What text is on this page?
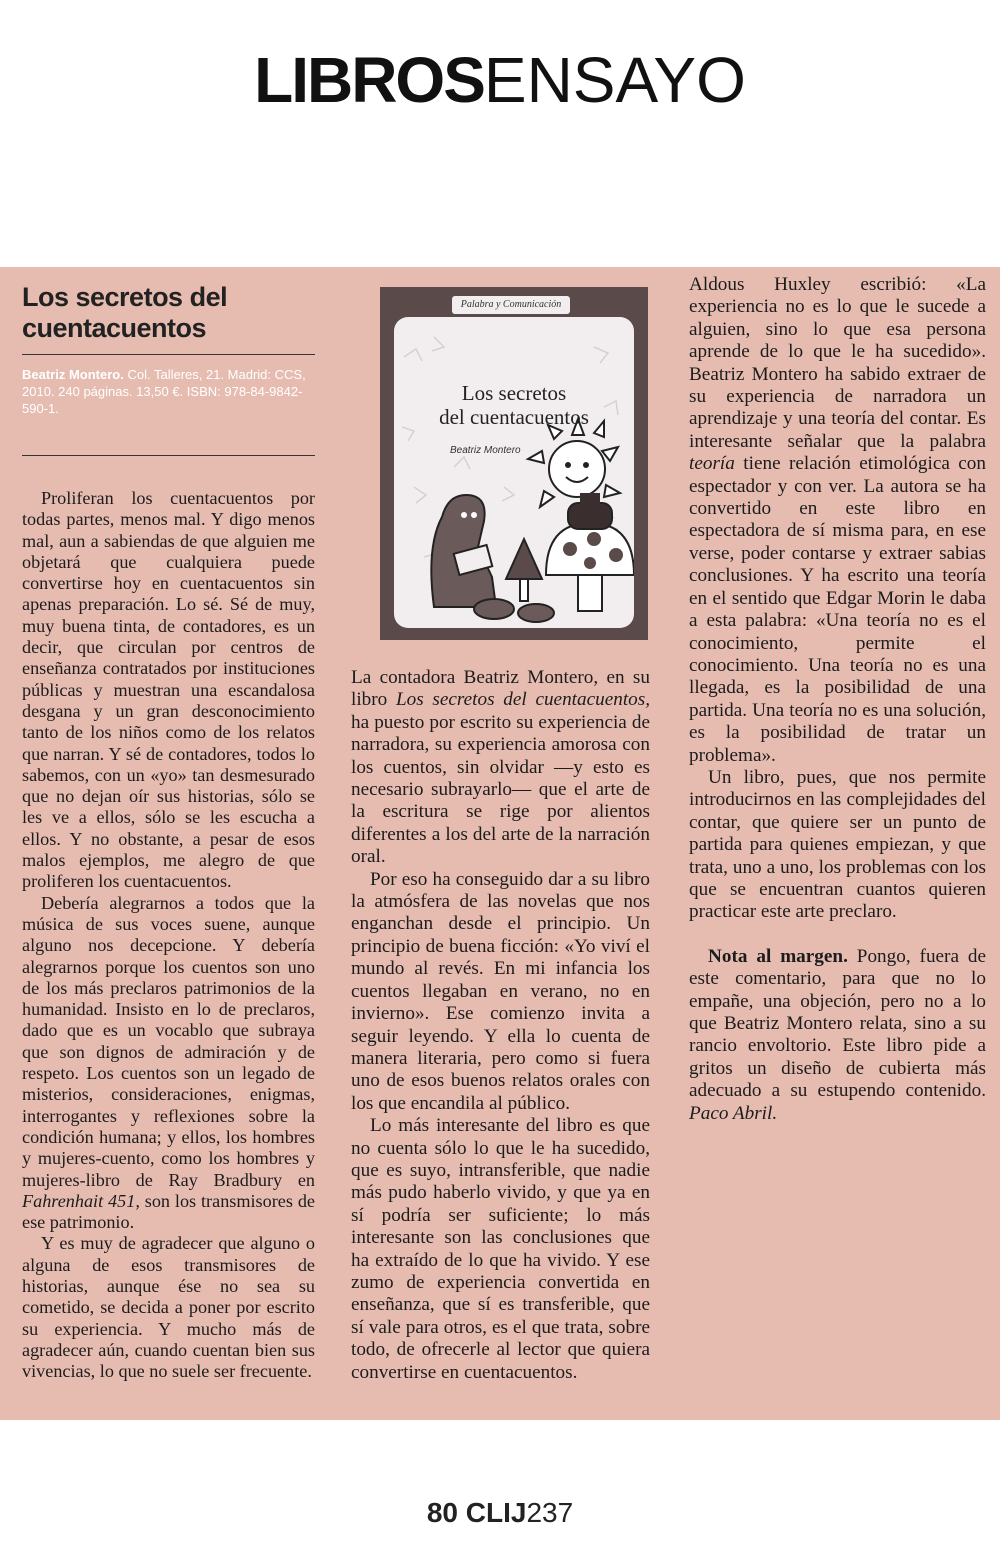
LIBROSENSAYO
Los secretos del cuentacuentos
Beatriz Montero. Col. Talleres, 21. Madrid: CCS, 2010. 240 páginas. 13,50 €. ISBN: 978-84-9842-590-1.
Los secretos
del cuentacuentos
Beatriz Montero
Palabra y Comunicación

Proliferan los cuentacuentos por todas partes, menos mal. Y digo menos mal, aun a sabiendas de que alguien me objetará que cualquiera puede convertirse hoy en cuentacuentos sin apenas preparación. Lo sé. Sé de muy, muy buena tinta, de contadores, es un decir, que circulan por centros de enseñanza contratados por instituciones públicas y muestran una escandalosa desgana y un gran desconocimiento tanto de los niños como de los relatos que narran. Y sé de contadores, todos lo sabemos, con un «yo» tan desmesurado que no dejan oír sus historias, sólo se les ve a ellos, sólo se les escucha a ellos. Y no obstante, a pesar de esos malos ejemplos, me alegro de que proliferen los cuentacuentos.

Debería alegrarnos a todos que la música de sus voces suene, aunque alguno nos decepcione. Y debería alegrarnos porque los cuentos son uno de los más preclaros patrimonios de la humanidad. Insisto en lo de preclaros, dado que es un vocablo que subraya que son dignos de admiración y de respeto. Los cuentos son un legado de misterios, consideraciones, enigmas, interrogantes y reflexiones sobre la condición humana; y ellos, los hombres y mujeres-cuento, como los hombres y mujeres-libro de Ray Bradbury en Fahrenhait 451, son los transmisores de ese patrimonio.

Y es muy de agradecer que alguno o alguna de esos transmisores de historias, aunque ése no sea su cometido, se decida a poner por escrito su experiencia. Y mucho más de agradecer aún, cuando cuentan bien sus vivencias, lo que no suele ser frecuente.

La contadora Beatriz Montero, en su libro Los secretos del cuentacuentos, ha puesto por escrito su experiencia de narradora, su experiencia amorosa con los cuentos, sin olvidar —y esto es necesario subrayarlo— que el arte de la escritura se rige por alientos diferentes a los del arte de la narración oral.

Por eso ha conseguido dar a su libro la atmósfera de las novelas que nos enganchan desde el principio. Un principio de buena ficción: «Yo viví el mundo al revés. En mi infancia los cuentos llegaban en verano, no en invierno». Ese comienzo invita a seguir leyendo. Y ella lo cuenta de manera literaria, pero como si fuera uno de esos buenos relatos orales con los que encandila al público.

Lo más interesante del libro es que no cuenta sólo lo que le ha sucedido, que es suyo, intransferible, que nadie más pudo haberlo vivido, y que ya en sí podría ser suficiente; lo más interesante son las conclusiones que ha extraído de lo que ha vivido. Y ese zumo de experiencia convertida en enseñanza, que sí es transferible, que sí vale para otros, es el que trata, sobre todo, de ofrecerle al lector que quiera convertirse en cuentacuentos.

Aldous Huxley escribió: «La experiencia no es lo que le sucede a alguien, sino lo que esa persona aprende de lo que le ha sucedido». Beatriz Montero ha sabido extraer de su experiencia de narradora un aprendizaje y una teoría del contar. Es interesante señalar que la palabra teoría tiene relación etimológica con espectador y con ver. La autora se ha convertido en este libro en espectadora de sí misma para, en ese verse, poder contarse y extraer sabias conclusiones. Y ha escrito una teoría en el sentido que Edgar Morin le daba a esta palabra: «Una teoría no es el conocimiento, permite el conocimiento. Una teoría no es una llegada, es la posibilidad de una partida. Una teoría no es una solución, es la posibilidad de tratar un problema».

Un libro, pues, que nos permite introducirnos en las complejidades del contar, que quiere ser un punto de partida para quienes empiezan, y que trata, uno a uno, los problemas con los que se encuentran cuantos quieren practicar este arte preclaro.

Nota al margen. Pongo, fuera de este comentario, para que no lo empañe, una objeción, pero no a lo que Beatriz Montero relata, sino a su rancio envoltorio. Este libro pide a gritos un diseño de cubierta más adecuado a su estupendo contenido. Paco Abril.

80 CLIJ237
